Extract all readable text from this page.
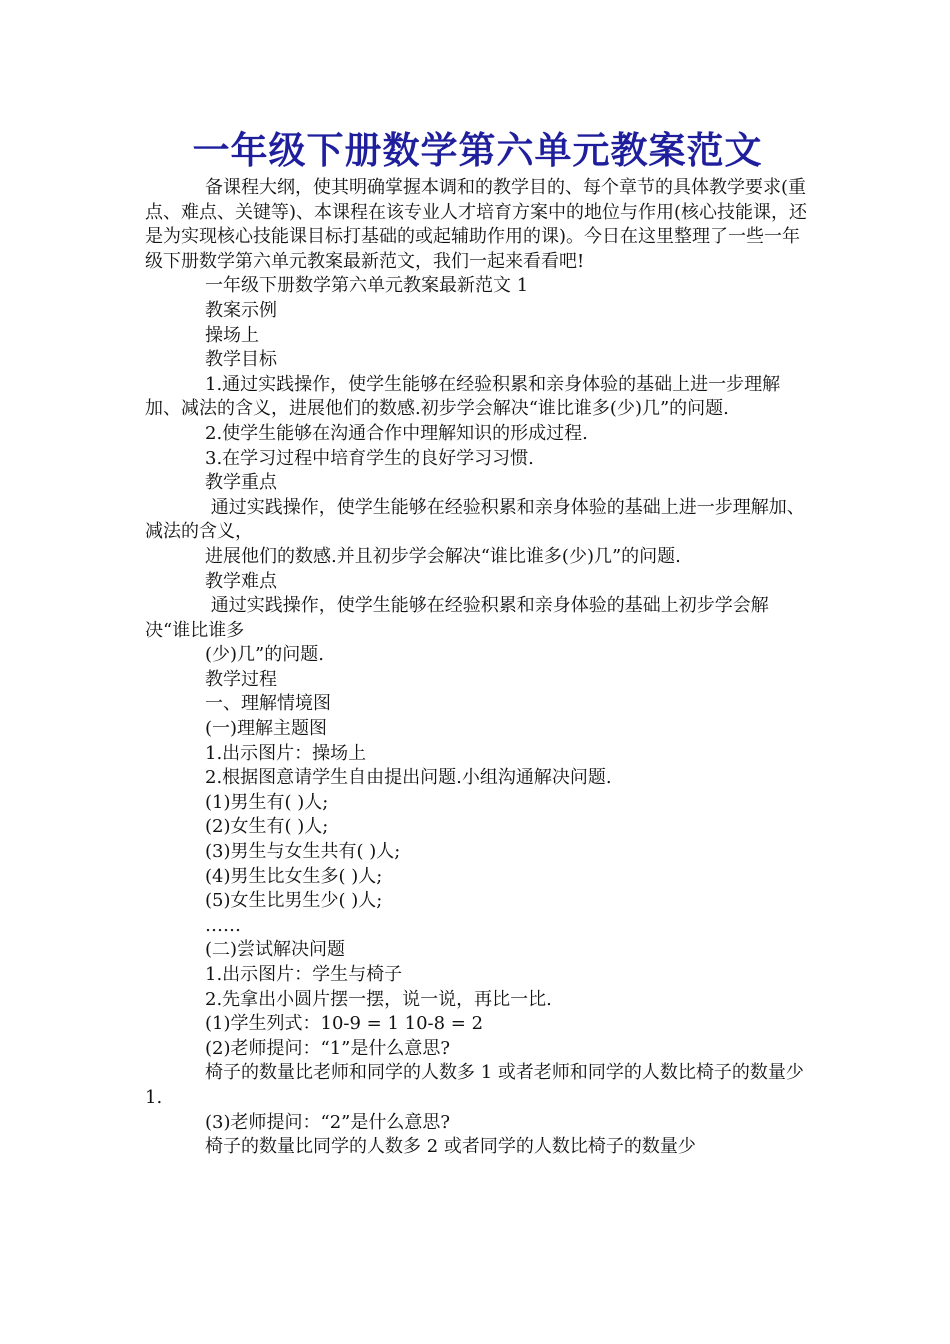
一年级下册数学第六单元教案范文

备课程大纲，使其明确掌握本调和的教学目的、每个章节的具体教学要求(重点、难点、关键等)、本课程在该专业人才培育方案中的地位与作用(核心技能课，还是为实现核心技能课目标打基础的或起辅助作用的课)。今日在这里整理了一些一年级下册数学第六单元教案最新范文，我们一起来看看吧!

一年级下册数学第六单元教案最新范文 1

教案示例

操场上

教学目标

1.通过实践操作，使学生能够在经验积累和亲身体验的基础上进一步理解加、减法的含义，进展他们的数感.初步学会解决“谁比谁多(少)几”的问题.

2.使学生能够在沟通合作中理解知识的形成过程.

3.在学习过程中培育学生的良好学习习惯.

教学重点

通过实践操作，使学生能够在经验积累和亲身体验的基础上进一步理解加、减法的含义，

进展他们的数感.并且初步学会解决“谁比谁多(少)几”的问题.

教学难点

通过实践操作，使学生能够在经验积累和亲身体验的基础上初步学会解决“谁比谁多

(少)几”的问题.

教学过程

一、理解情境图

(一)理解主题图

1.出示图片：操场上

2.根据图意请学生自由提出问题.小组沟通解决问题.

(1)男生有( )人;

(2)女生有( )人;

(3)男生与女生共有( )人;

(4)男生比女生多( )人;

(5)女生比男生少( )人;

……

(二)尝试解决问题

1.出示图片：学生与椅子

2.先拿出小圆片摆一摆，说一说，再比一比.

(1)学生列式：10-9 = 1 10-8 = 2

(2)老师提问：“1”是什么意思?

椅子的数量比老师和同学的人数多 1 或者老师和同学的人数比椅子的数量少 1.

(3)老师提问：“2”是什么意思?

椅子的数量比同学的人数多 2 或者同学的人数比椅子的数量少
